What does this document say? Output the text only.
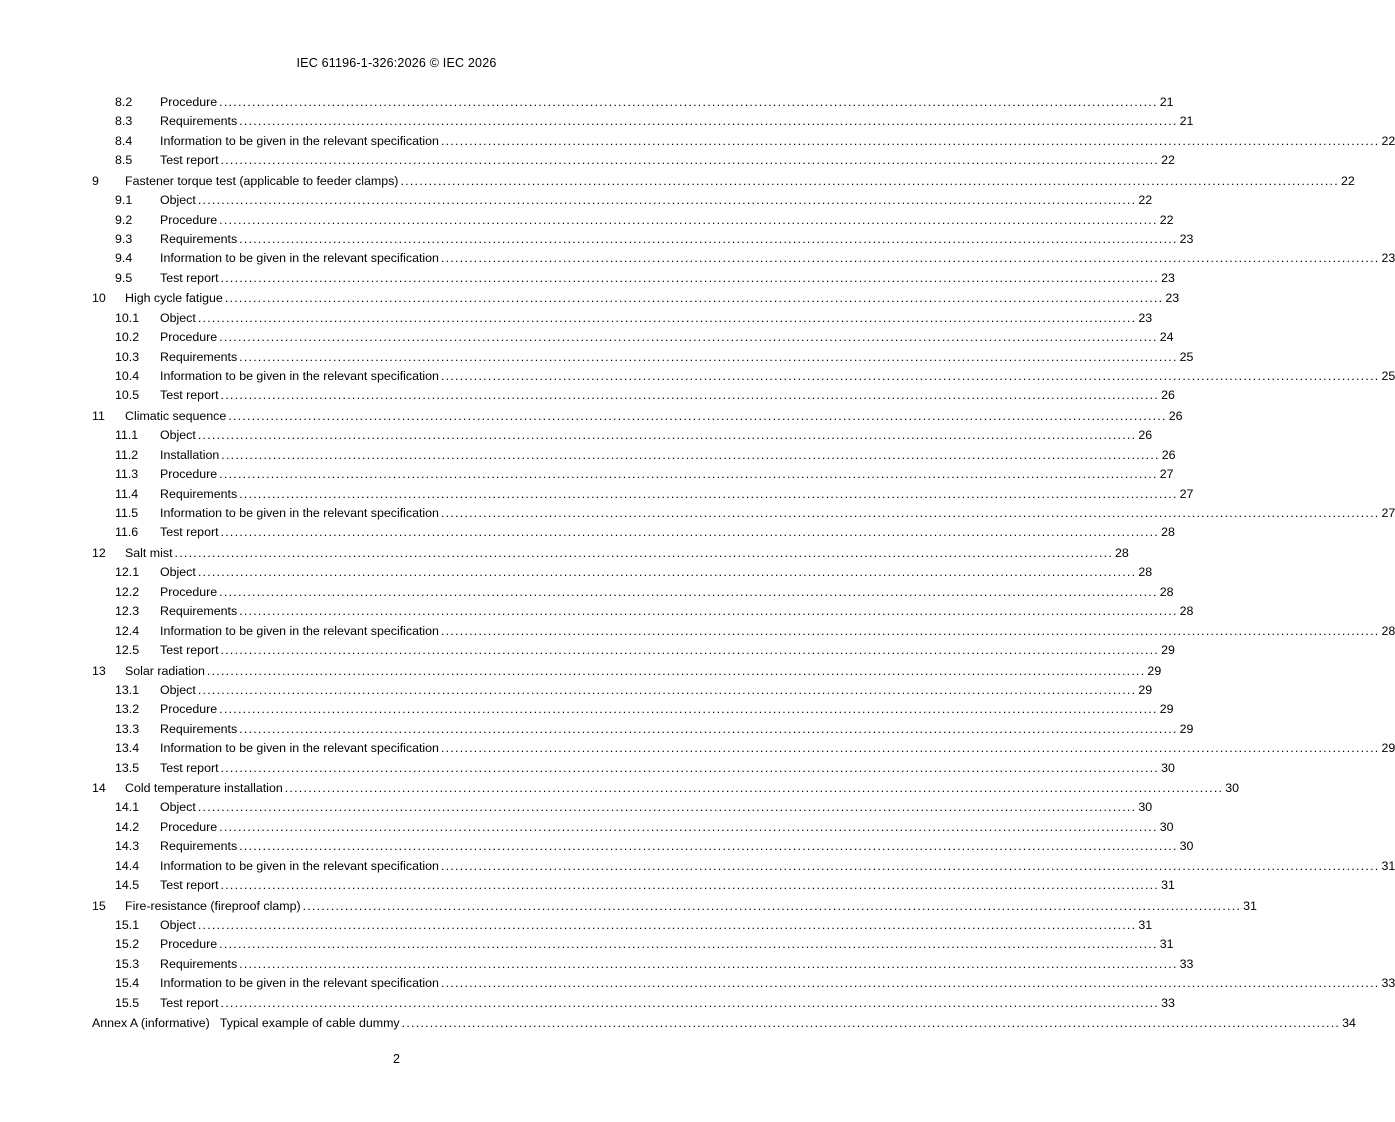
IEC 61196-1-326:2026 © IEC 2026
8.2 Procedure ........................................................................................................................................................................................................ 21
8.3 Requirements ........................................................................................................................................................................................................ 21
8.4 Information to be given in the relevant specification ........................................................................................................................................................................................................ 22
8.5 Test report ........................................................................................................................................................................................................ 22
9 Fastener torque test (applicable to feeder clamps) ........................................................................................................................................................................................................ 22
9.1 Object ........................................................................................................................................................................................................ 22
9.2 Procedure ........................................................................................................................................................................................................ 22
9.3 Requirements ........................................................................................................................................................................................................ 23
9.4 Information to be given in the relevant specification ........................................................................................................................................................................................................ 23
9.5 Test report ........................................................................................................................................................................................................ 23
10 High cycle fatigue ........................................................................................................................................................................................................ 23
10.1 Object ........................................................................................................................................................................................................ 23
10.2 Procedure ........................................................................................................................................................................................................ 24
10.3 Requirements ........................................................................................................................................................................................................ 25
10.4 Information to be given in the relevant specification ........................................................................................................................................................................................................ 25
10.5 Test report ........................................................................................................................................................................................................ 26
11 Climatic sequence ........................................................................................................................................................................................................ 26
11.1 Object ........................................................................................................................................................................................................ 26
11.2 Installation ........................................................................................................................................................................................................ 26
11.3 Procedure ........................................................................................................................................................................................................ 27
11.4 Requirements ........................................................................................................................................................................................................ 27
11.5 Information to be given in the relevant specification ........................................................................................................................................................................................................ 27
11.6 Test report ........................................................................................................................................................................................................ 28
12 Salt mist ........................................................................................................................................................................................................ 28
12.1 Object ........................................................................................................................................................................................................ 28
12.2 Procedure ........................................................................................................................................................................................................ 28
12.3 Requirements ........................................................................................................................................................................................................ 28
12.4 Information to be given in the relevant specification ........................................................................................................................................................................................................ 28
12.5 Test report ........................................................................................................................................................................................................ 29
13 Solar radiation ........................................................................................................................................................................................................ 29
13.1 Object ........................................................................................................................................................................................................ 29
13.2 Procedure ........................................................................................................................................................................................................ 29
13.3 Requirements ........................................................................................................................................................................................................ 29
13.4 Information to be given in the relevant specification ........................................................................................................................................................................................................ 29
13.5 Test report ........................................................................................................................................................................................................ 30
14 Cold temperature installation ........................................................................................................................................................................................................ 30
14.1 Object ........................................................................................................................................................................................................ 30
14.2 Procedure ........................................................................................................................................................................................................ 30
14.3 Requirements ........................................................................................................................................................................................................ 30
14.4 Information to be given in the relevant specification ........................................................................................................................................................................................................ 31
14.5 Test report ........................................................................................................................................................................................................ 31
15 Fire-resistance (fireproof clamp) ........................................................................................................................................................................................................ 31
15.1 Object ........................................................................................................................................................................................................ 31
15.2 Procedure ........................................................................................................................................................................................................ 31
15.3 Requirements ........................................................................................................................................................................................................ 33
15.4 Information to be given in the relevant specification ........................................................................................................................................................................................................ 33
15.5 Test report ........................................................................................................................................................................................................ 33
Annex A (informative)   Typical example of cable dummy ........................................................................................................................................................................................................ 34
2
